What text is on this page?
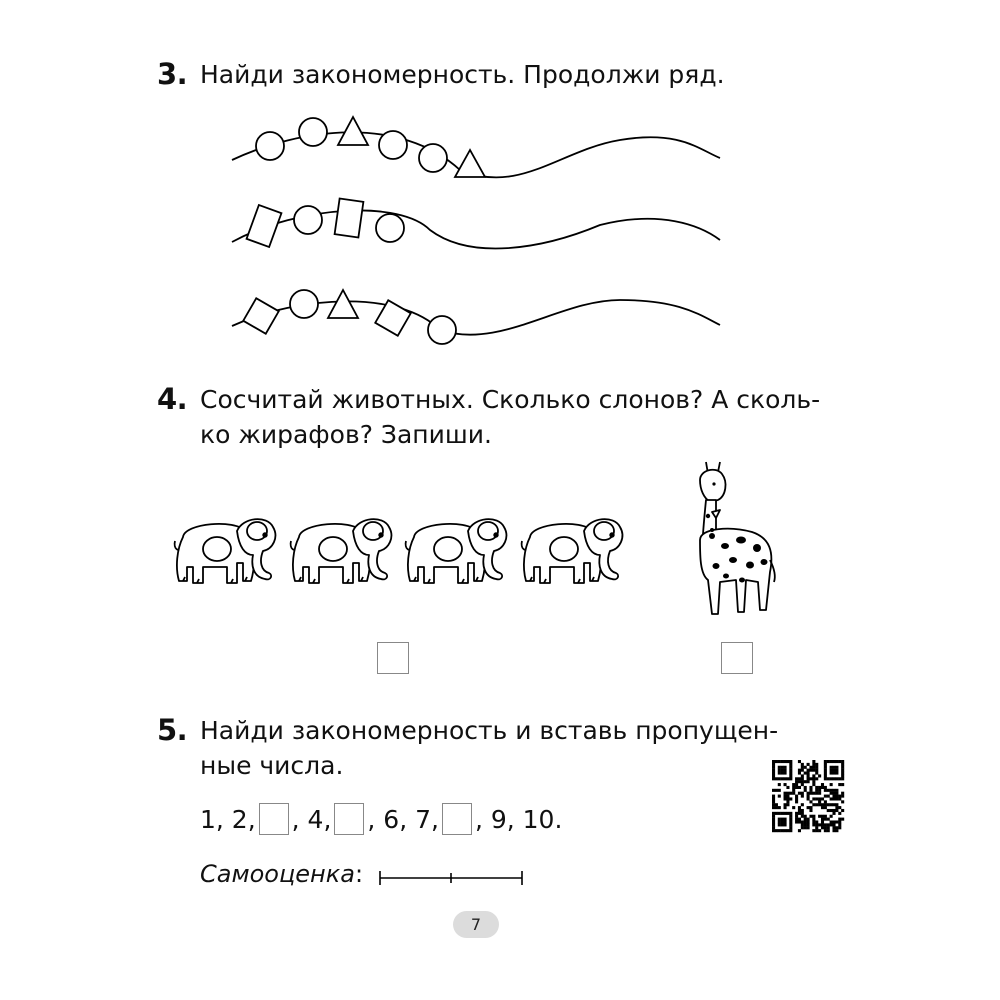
3. Найди закономерность. Продолжи ряд.
4. Сосчитай животных. Сколько слонов? А сколь-
ко жирафов? Запиши.
5. Найди закономерность и вставь пропущен-
ные числа.
1, 2, , 4, , 6, 7, , 9, 10.
Самооценка:
7
